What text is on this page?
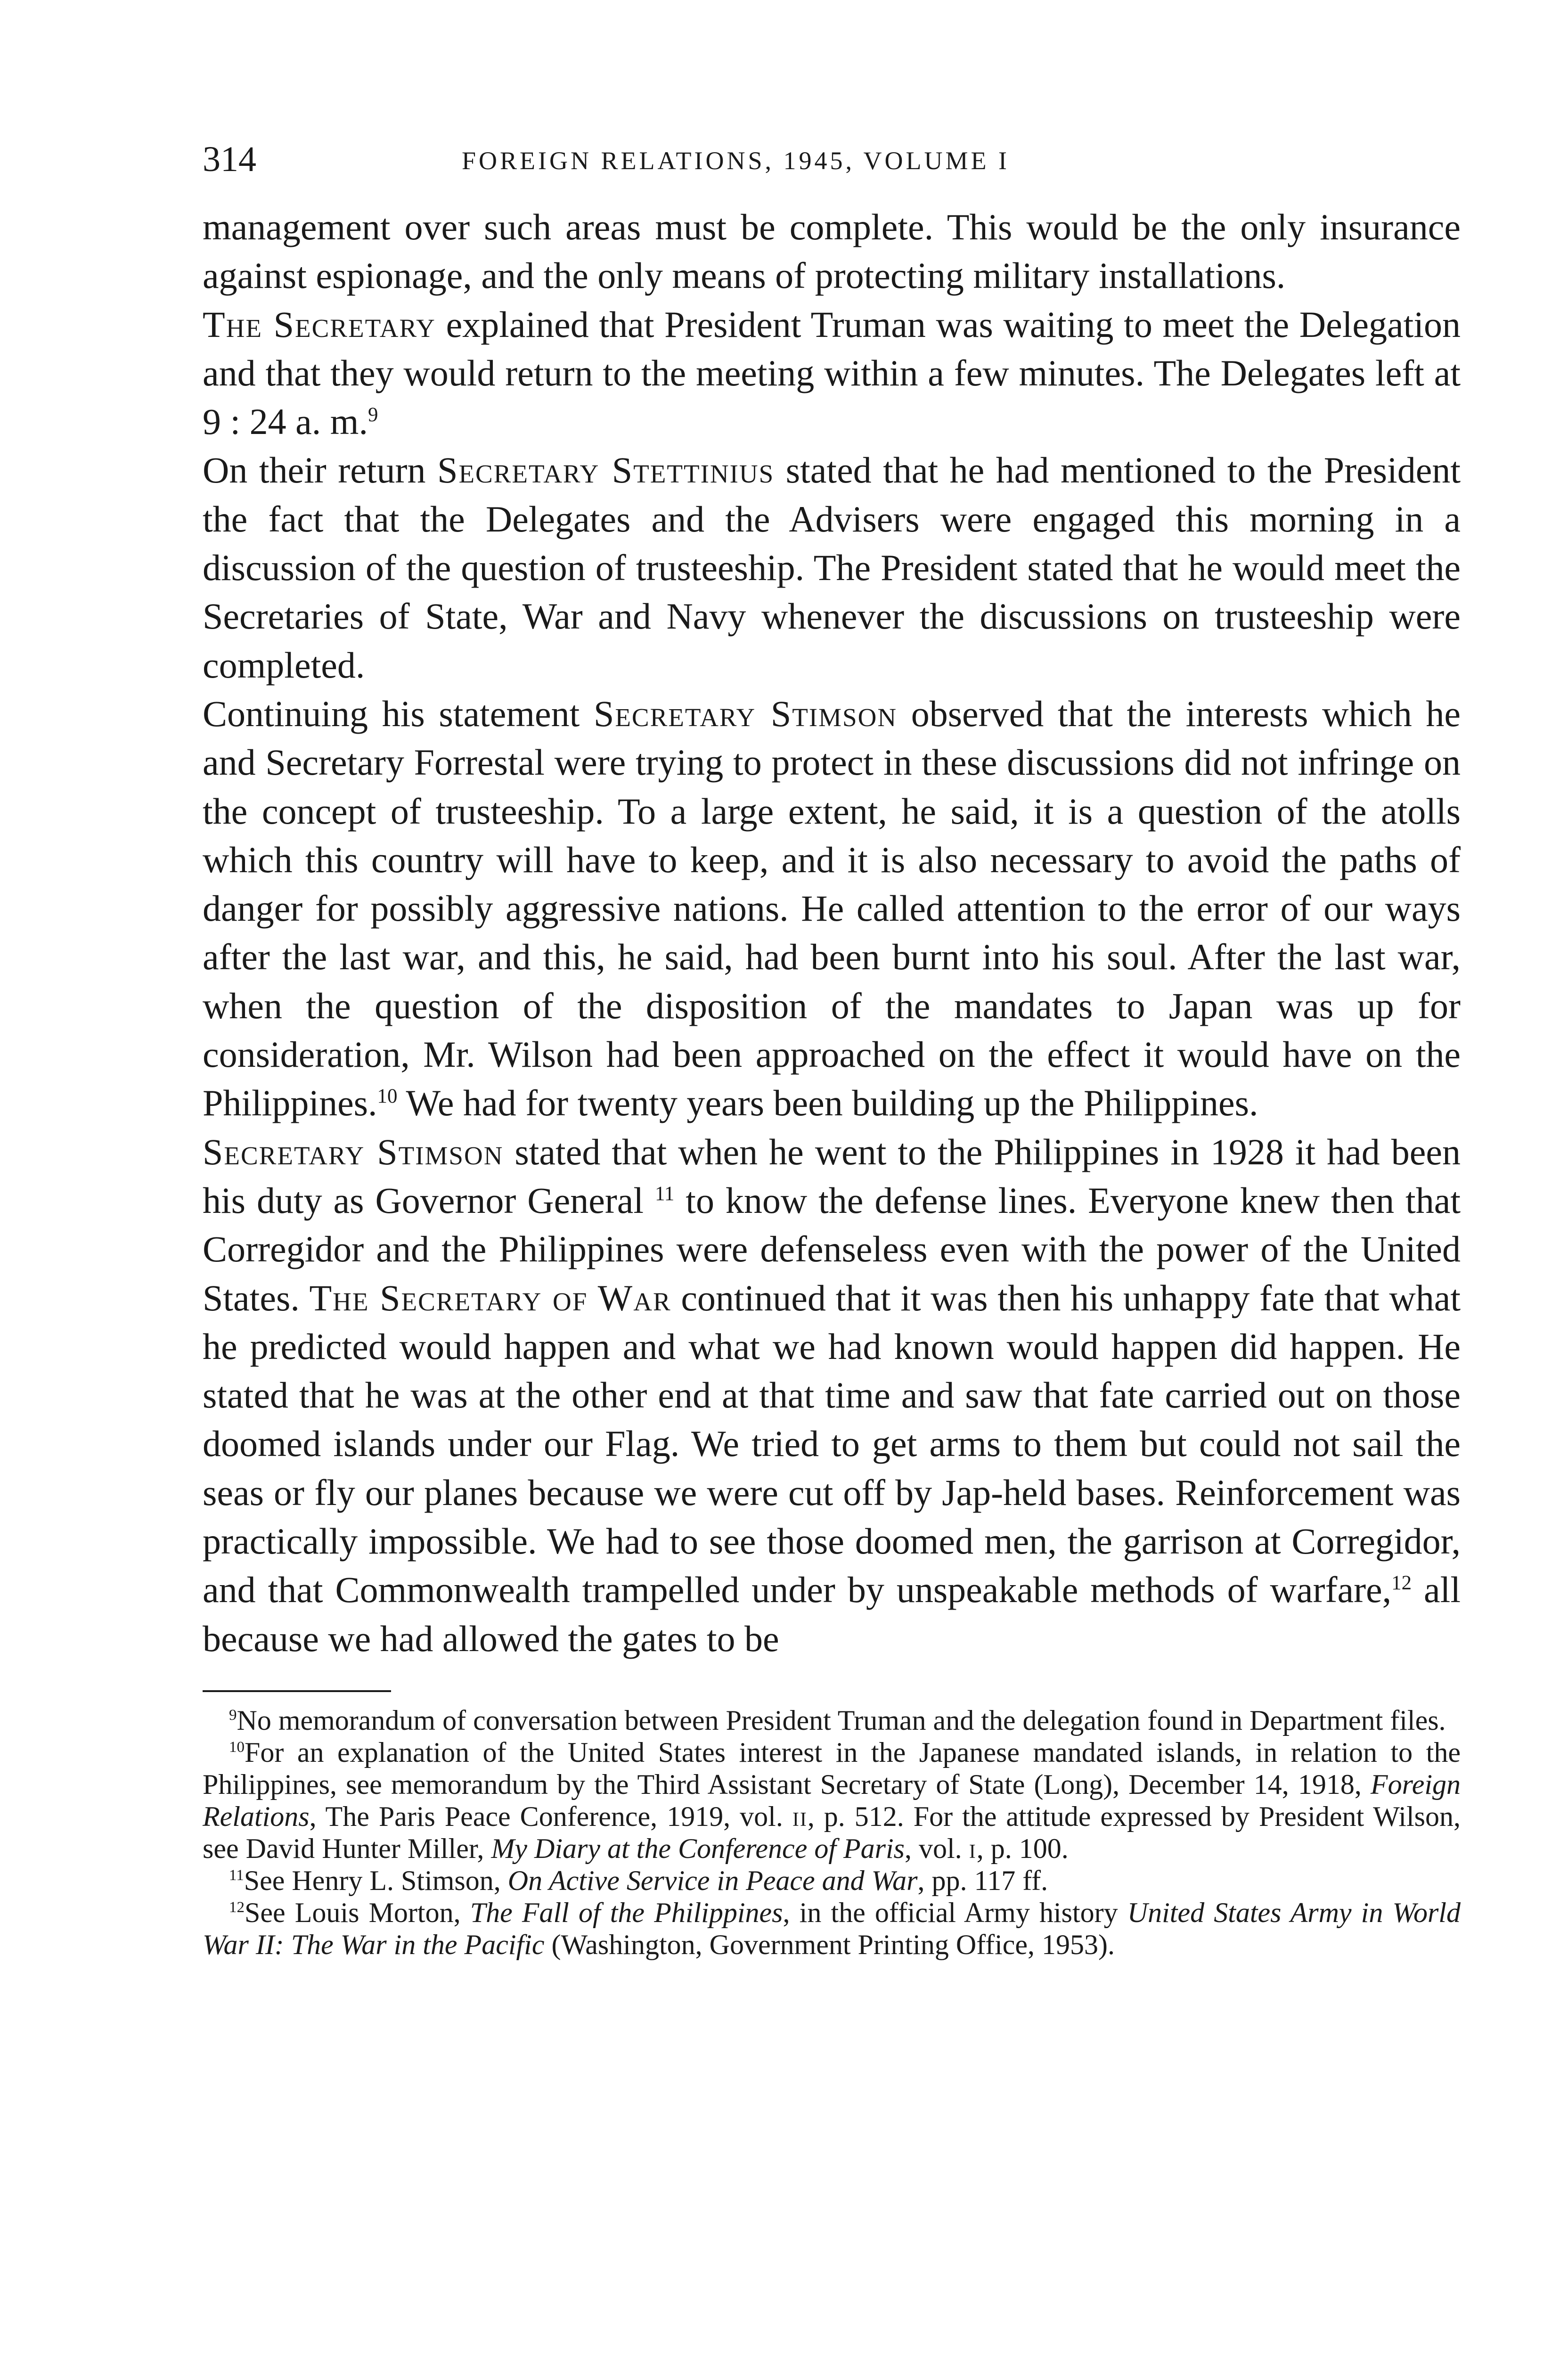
314	FOREIGN RELATIONS, 1945, VOLUME I

management over such areas must be complete. This would be the only insurance against espionage, and the only means of protecting military installations.

The Secretary explained that President Truman was waiting to meet the Delegation and that they would return to the meeting within a few minutes. The Delegates left at 9 : 24 a. m.$^9$

On their return Secretary Stettinius stated that he had mentioned to the President the fact that the Delegates and the Advisers were engaged this morning in a discussion of the question of trusteeship. The President stated that he would meet the Secretaries of State, War and Navy whenever the discussions on trusteeship were completed.

Continuing his statement Secretary Stimson observed that the interests which he and Secretary Forrestal were trying to protect in these discussions did not infringe on the concept of trusteeship. To a large extent, he said, it is a question of the atolls which this country will have to keep, and it is also necessary to avoid the paths of danger for possibly aggressive nations. He called attention to the error of our ways after the last war, and this, he said, had been burnt into his soul. After the last war, when the question of the disposition of the mandates to Japan was up for consideration, Mr. Wilson had been approached on the effect it would have on the Philippines.$^{10}$ We had for twenty years been building up the Philippines.

Secretary Stimson stated that when he went to the Philippines in 1928 it had been his duty as Governor General $^{11}$ to know the defense lines. Everyone knew then that Corregidor and the Philippines were defenseless even with the power of the United States. The Secretary of War continued that it was then his unhappy fate that what he predicted would happen and what we had known would happen did happen. He stated that he was at the other end at that time and saw that fate carried out on those doomed islands under our Flag. We tried to get arms to them but could not sail the seas or fly our planes because we were cut off by Jap-held bases. Reinforcement was practically impossible. We had to see those doomed men, the garrison at Corregidor, and that Commonwealth trampelled under by unspeakable methods of warfare,$^{12}$ all because we had allowed the gates to be

$^9$No memorandum of conversation between President Truman and the delegation found in Department files.

$^{10}$For an explanation of the United States interest in the Japanese mandated islands, in relation to the Philippines, see memorandum by the Third Assistant Secretary of State (Long), December 14, 1918, Foreign Relations, The Paris Peace Conference, 1919, vol. ii, p. 512. For the attitude expressed by President Wilson, see David Hunter Miller, My Diary at the Conference of Paris, vol. i, p. 100.

$^{11}$See Henry L. Stimson, On Active Service in Peace and War, pp. 117 ff.

$^{12}$See Louis Morton, The Fall of the Philippines, in the official Army history United States Army in World War II: The War in the Pacific (Washington, Government Printing Office, 1953).
